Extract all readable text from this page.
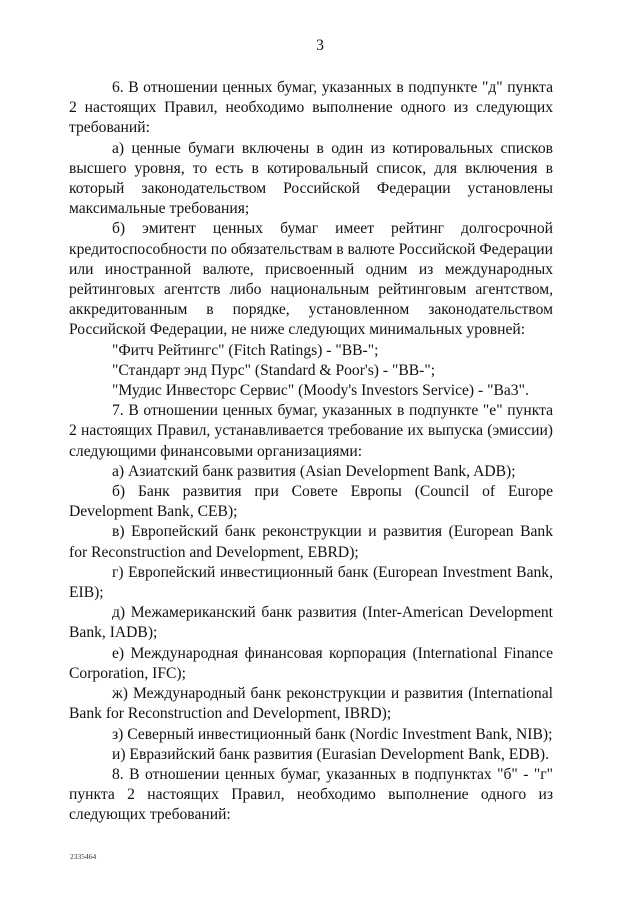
3

6. В отношении ценных бумаг, указанных в подпункте "д" пункта 2 настоящих Правил, необходимо выполнение одного из следующих требований:

а) ценные бумаги включены в один из котировальных списков высшего уровня, то есть в котировальный список, для включения в который законодательством Российской Федерации установлены максимальные требования;

б) эмитент ценных бумаг имеет рейтинг долгосрочной кредитоспособности по обязательствам в валюте Российской Федерации или иностранной валюте, присвоенный одним из международных рейтинговых агентств либо национальным рейтинговым агентством, аккредитованным в порядке, установленном законодательством Российской Федерации, не ниже следующих минимальных уровней:

"Фитч Рейтингс" (Fitch Ratings) - "BB-";

"Стандарт энд Пурс" (Standard & Poor's) - "BB-";

"Мудис Инвесторс Сервис" (Moody's Investors Service) - "Ba3".

7. В отношении ценных бумаг, указанных в подпункте "е" пункта 2 настоящих Правил, устанавливается требование их выпуска (эмиссии) следующими финансовыми организациями:

а) Азиатский банк развития (Asian Development Bank, ADB);

б) Банк развития при Совете Европы (Council of Europe Development Bank, CEB);

в) Европейский банк реконструкции и развития (European Bank for Reconstruction and Development, EBRD);

г) Европейский инвестиционный банк (European Investment Bank, EIB);

д) Межамериканский банк развития (Inter-American Development Bank, IADB);

е) Международная финансовая корпорация (International Finance Corporation, IFC);

ж) Международный банк реконструкции и развития (International Bank for Reconstruction and Development, IBRD);

з) Северный инвестиционный банк (Nordic Investment Bank, NIB);

и) Евразийский банк развития (Eurasian Development Bank, EDB).

8. В отношении ценных бумаг, указанных в подпунктах "б" - "г" пункта 2 настоящих Правил, необходимо выполнение одного из следующих требований:

2335464
